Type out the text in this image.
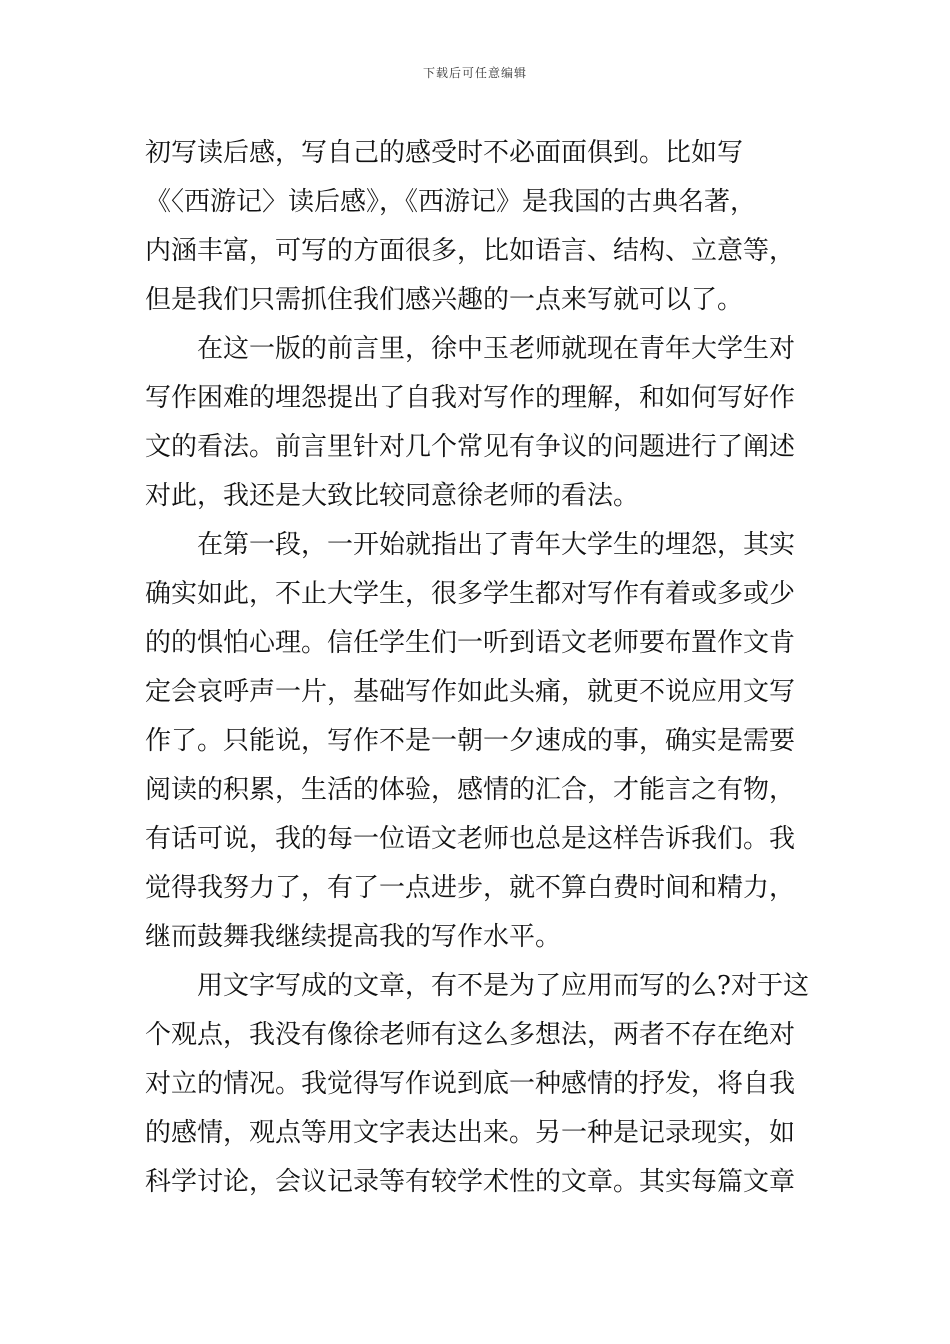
下载后可任意编辑
初写读后感，写自己的感受时不必面面俱到。比如写
《〈西游记〉读后感》，《西游记》是我国的古典名著，
内涵丰富，可写的方面很多，比如语言、结构、立意等，
但是我们只需抓住我们感兴趣的一点来写就可以了。
　　在这一版的前言里，徐中玉老师就现在青年大学生对
写作困难的埋怨提出了自我对写作的理解，和如何写好作
文的看法。前言里针对几个常见有争议的问题进行了阐述
对此，我还是大致比较同意徐老师的看法。
　　在第一段，一开始就指出了青年大学生的埋怨，其实
确实如此，不止大学生，很多学生都对写作有着或多或少
的的惧怕心理。信任学生们一听到语文老师要布置作文肯
定会哀呼声一片，基础写作如此头痛，就更不说应用文写
作了。只能说，写作不是一朝一夕速成的事，确实是需要
阅读的积累，生活的体验，感情的汇合，才能言之有物，
有话可说，我的每一位语文老师也总是这样告诉我们。我
觉得我努力了，有了一点进步，就不算白费时间和精力，
继而鼓舞我继续提高我的写作水平。
　　用文字写成的文章，有不是为了应用而写的么?对于这
个观点，我没有像徐老师有这么多想法，两者不存在绝对
对立的情况。我觉得写作说到底一种感情的抒发，将自我
的感情，观点等用文字表达出来。另一种是记录现实，如
科学讨论，会议记录等有较学术性的文章。其实每篇文章
